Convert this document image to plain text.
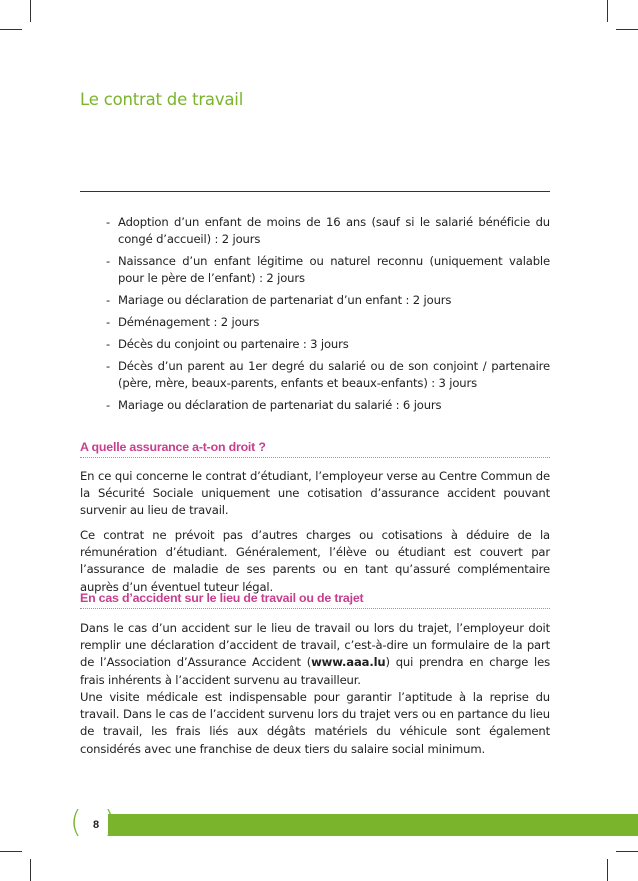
Le contrat de travail
- Adoption d’un enfant de moins de 16 ans (sauf si le salarié bénéficie du congé d’accueil) : 2 jours
- Naissance d’un enfant légitime ou naturel reconnu (uniquement valable pour le père de l’enfant) : 2 jours
- Mariage ou déclaration de partenariat d’un enfant : 2 jours
- Déménagement : 2 jours
- Décès du conjoint ou partenaire : 3 jours
- Décès d’un parent au 1er degré du salarié ou de son conjoint / partenaire (père, mère, beaux-parents, enfants et beaux-enfants) : 3 jours
- Mariage ou déclaration de partenariat du salarié : 6 jours
A quelle assurance a-t-on droit ?

En ce qui concerne le contrat d’étudiant, l’employeur verse au Centre Commun de la Sécurité Sociale uniquement une cotisation d’assurance accident pouvant survenir au lieu de travail.

Ce contrat ne prévoit pas d’autres charges ou cotisations à déduire de la rémunération d’étudiant. Généralement, l’élève ou étudiant est couvert par l’assurance de maladie de ses parents ou en tant qu’assuré complémentaire auprès d’un éventuel tuteur légal.

En cas d’accident sur le lieu de travail ou de trajet

Dans le cas d’un accident sur le lieu de travail ou lors du trajet, l’employeur doit remplir une déclaration d’accident de travail, c’est-à-dire un formulaire de la part de l’Association d’Assurance Accident (www.aaa.lu) qui prendra en charge les frais inhérents à l’accident survenu au travailleur.

Une visite médicale est indispensable pour garantir l’aptitude à la reprise du travail. Dans le cas de l’accident survenu lors du trajet vers ou en partance du lieu de travail, les frais liés aux dégâts matériels du véhicule sont également considérés avec une franchise de deux tiers du salaire social minimum.

( )
8
